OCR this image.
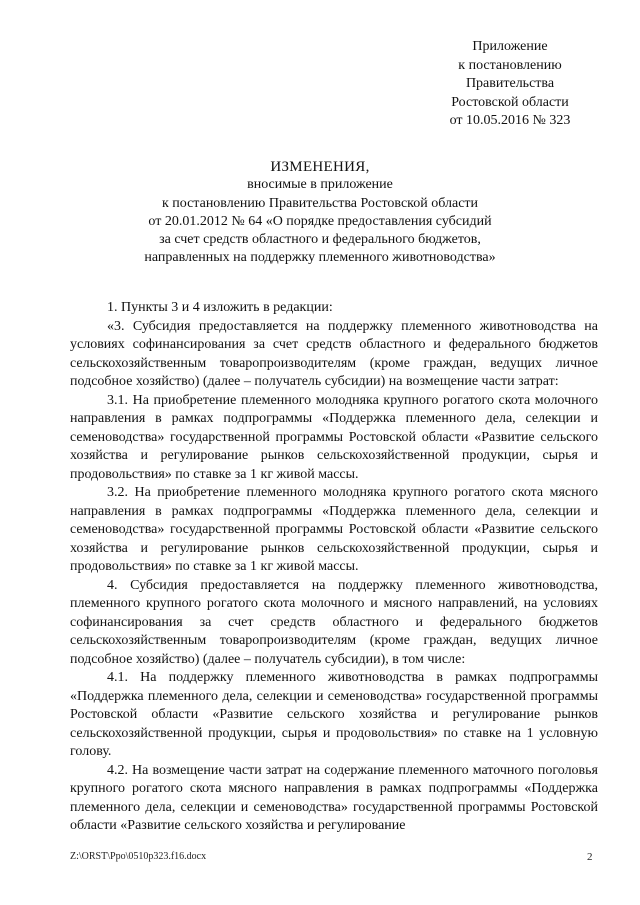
Приложение
к постановлению
Правительства
Ростовской области
от 10.05.2016 № 323
ИЗМЕНЕНИЯ,
вносимые в приложение
к постановлению Правительства Ростовской области
от 20.01.2012 № 64 «О порядке предоставления субсидий
за счет средств областного и федерального бюджетов,
направленных на поддержку племенного животноводства»

1. Пункты 3 и 4 изложить в редакции:

«3. Субсидия предоставляется на поддержку племенного животноводства на условиях софинансирования за счет средств областного и федерального бюджетов сельскохозяйственным товаропроизводителям (кроме граждан, ведущих личное подсобное хозяйство) (далее – получатель субсидии) на возмещение части затрат:

3.1. На приобретение племенного молодняка крупного рогатого скота молочного направления в рамках подпрограммы «Поддержка племенного дела, селекции и семеноводства» государственной программы Ростовской области «Развитие сельского хозяйства и регулирование рынков сельскохозяйственной продукции, сырья и продовольствия» по ставке за 1 кг живой массы.

3.2. На приобретение племенного молодняка крупного рогатого скота мясного направления в рамках подпрограммы «Поддержка племенного дела, селекции и семеноводства» государственной программы Ростовской области «Развитие сельского хозяйства и регулирование рынков сельскохозяйственной продукции, сырья и продовольствия» по ставке за 1 кг живой массы.

4. Субсидия предоставляется на поддержку племенного животноводства, племенного крупного рогатого скота молочного и мясного направлений, на условиях софинансирования за счет средств областного и федерального бюджетов сельскохозяйственным товаропроизводителям (кроме граждан, ведущих личное подсобное хозяйство) (далее – получатель субсидии), в том числе:

4.1. На поддержку племенного животноводства в рамках подпрограммы «Поддержка племенного дела, селекции и семеноводства» государственной программы Ростовской области «Развитие сельского хозяйства и регулирование рынков сельскохозяйственной продукции, сырья и продовольствия» по ставке на 1 условную голову.

4.2. На возмещение части затрат на содержание племенного маточного поголовья крупного рогатого скота мясного направления в рамках подпрограммы «Поддержка племенного дела, селекции и семеноводства» государственной программы Ростовской области «Развитие сельского хозяйства и регулирование

Z:\ORST\Ppo\0510p323.f16.docx	2
